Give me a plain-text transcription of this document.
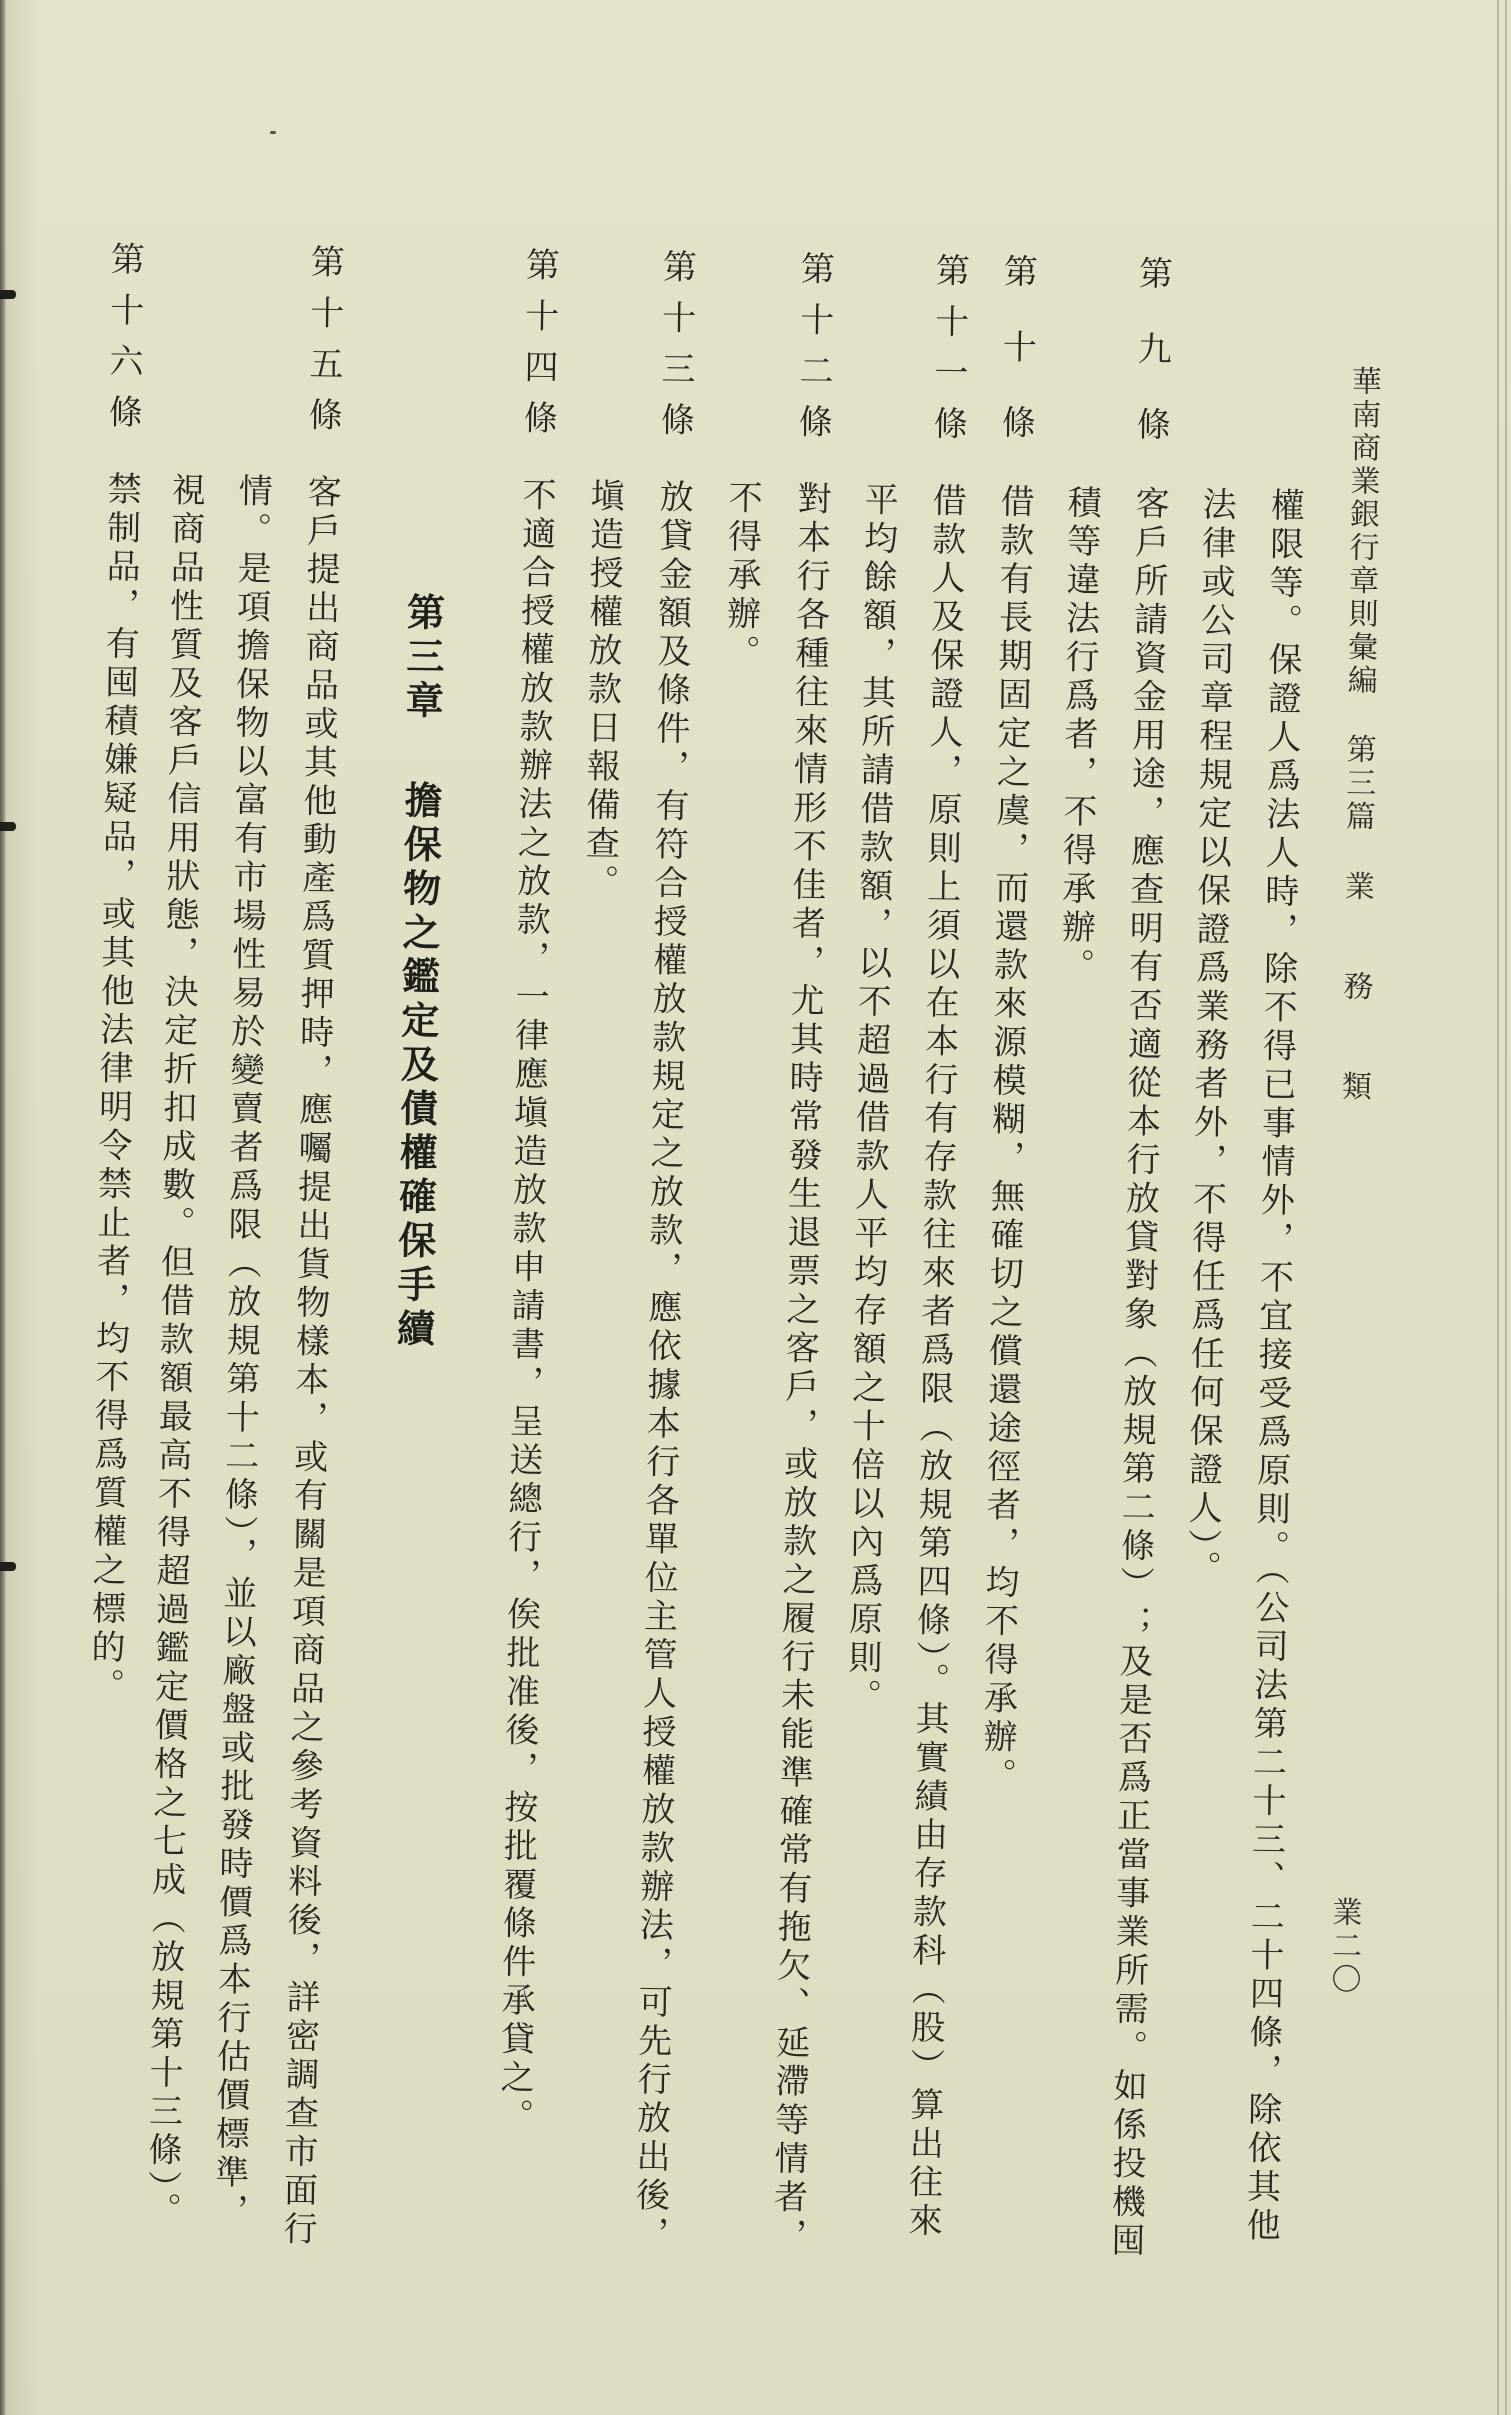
華南商業銀行章則彙編
第三篇
業務類
業二〇
權限等。保證人爲法人時，除不得已事情外，不宜接受爲原則。（公司法第二十三、二十四條，除依其他
法律或公司章程規定以保證爲業務者外，不得任爲任何保證人）。
第九條
客戶所請資金用途，應查明有否適從本行放貸對象（放規第二條）；及是否爲正當事業所需。如係投機囤
積等違法行爲者，不得承辦。
第十條
借款有長期固定之虞，而還款來源模糊，無確切之償還途徑者，均不得承辦。
第十一條
借款人及保證人，原則上須以在本行有存款往來者爲限（放規第四條）。其實績由存款科（股）算出往來
平均餘額，其所請借款額，以不超過借款人平均存額之十倍以內爲原則。
第十二條
對本行各種往來情形不佳者，尤其時常發生退票之客戶，或放款之履行未能準確常有拖欠、延滯等情者，
不得承辦。
第十三條
放貸金額及條件，有符合授權放款規定之放款，應依據本行各單位主管人授權放款辦法，可先行放出後，
塡造授權放款日報備查。
第十四條
不適合授權放款辦法之放款，一律應塡造放款申請書，呈送總行，俟批准後，按批覆條件承貸之。
第三章
擔保物之鑑定及債權確保手續
第十五條
客戶提出商品或其他動產爲質押時，應囑提出貨物樣本，或有關是項商品之參考資料後，詳密調查市面行
情。是項擔保物以富有市場性易於變賣者爲限（放規第十二條），並以廠盤或批發時價爲本行估價標準，
視商品性質及客戶信用狀態，決定折扣成數。但借款額最高不得超過鑑定價格之七成（放規第十三條）。
第十六條
禁制品，有囤積嫌疑品，或其他法律明令禁止者，均不得爲質權之標的。
